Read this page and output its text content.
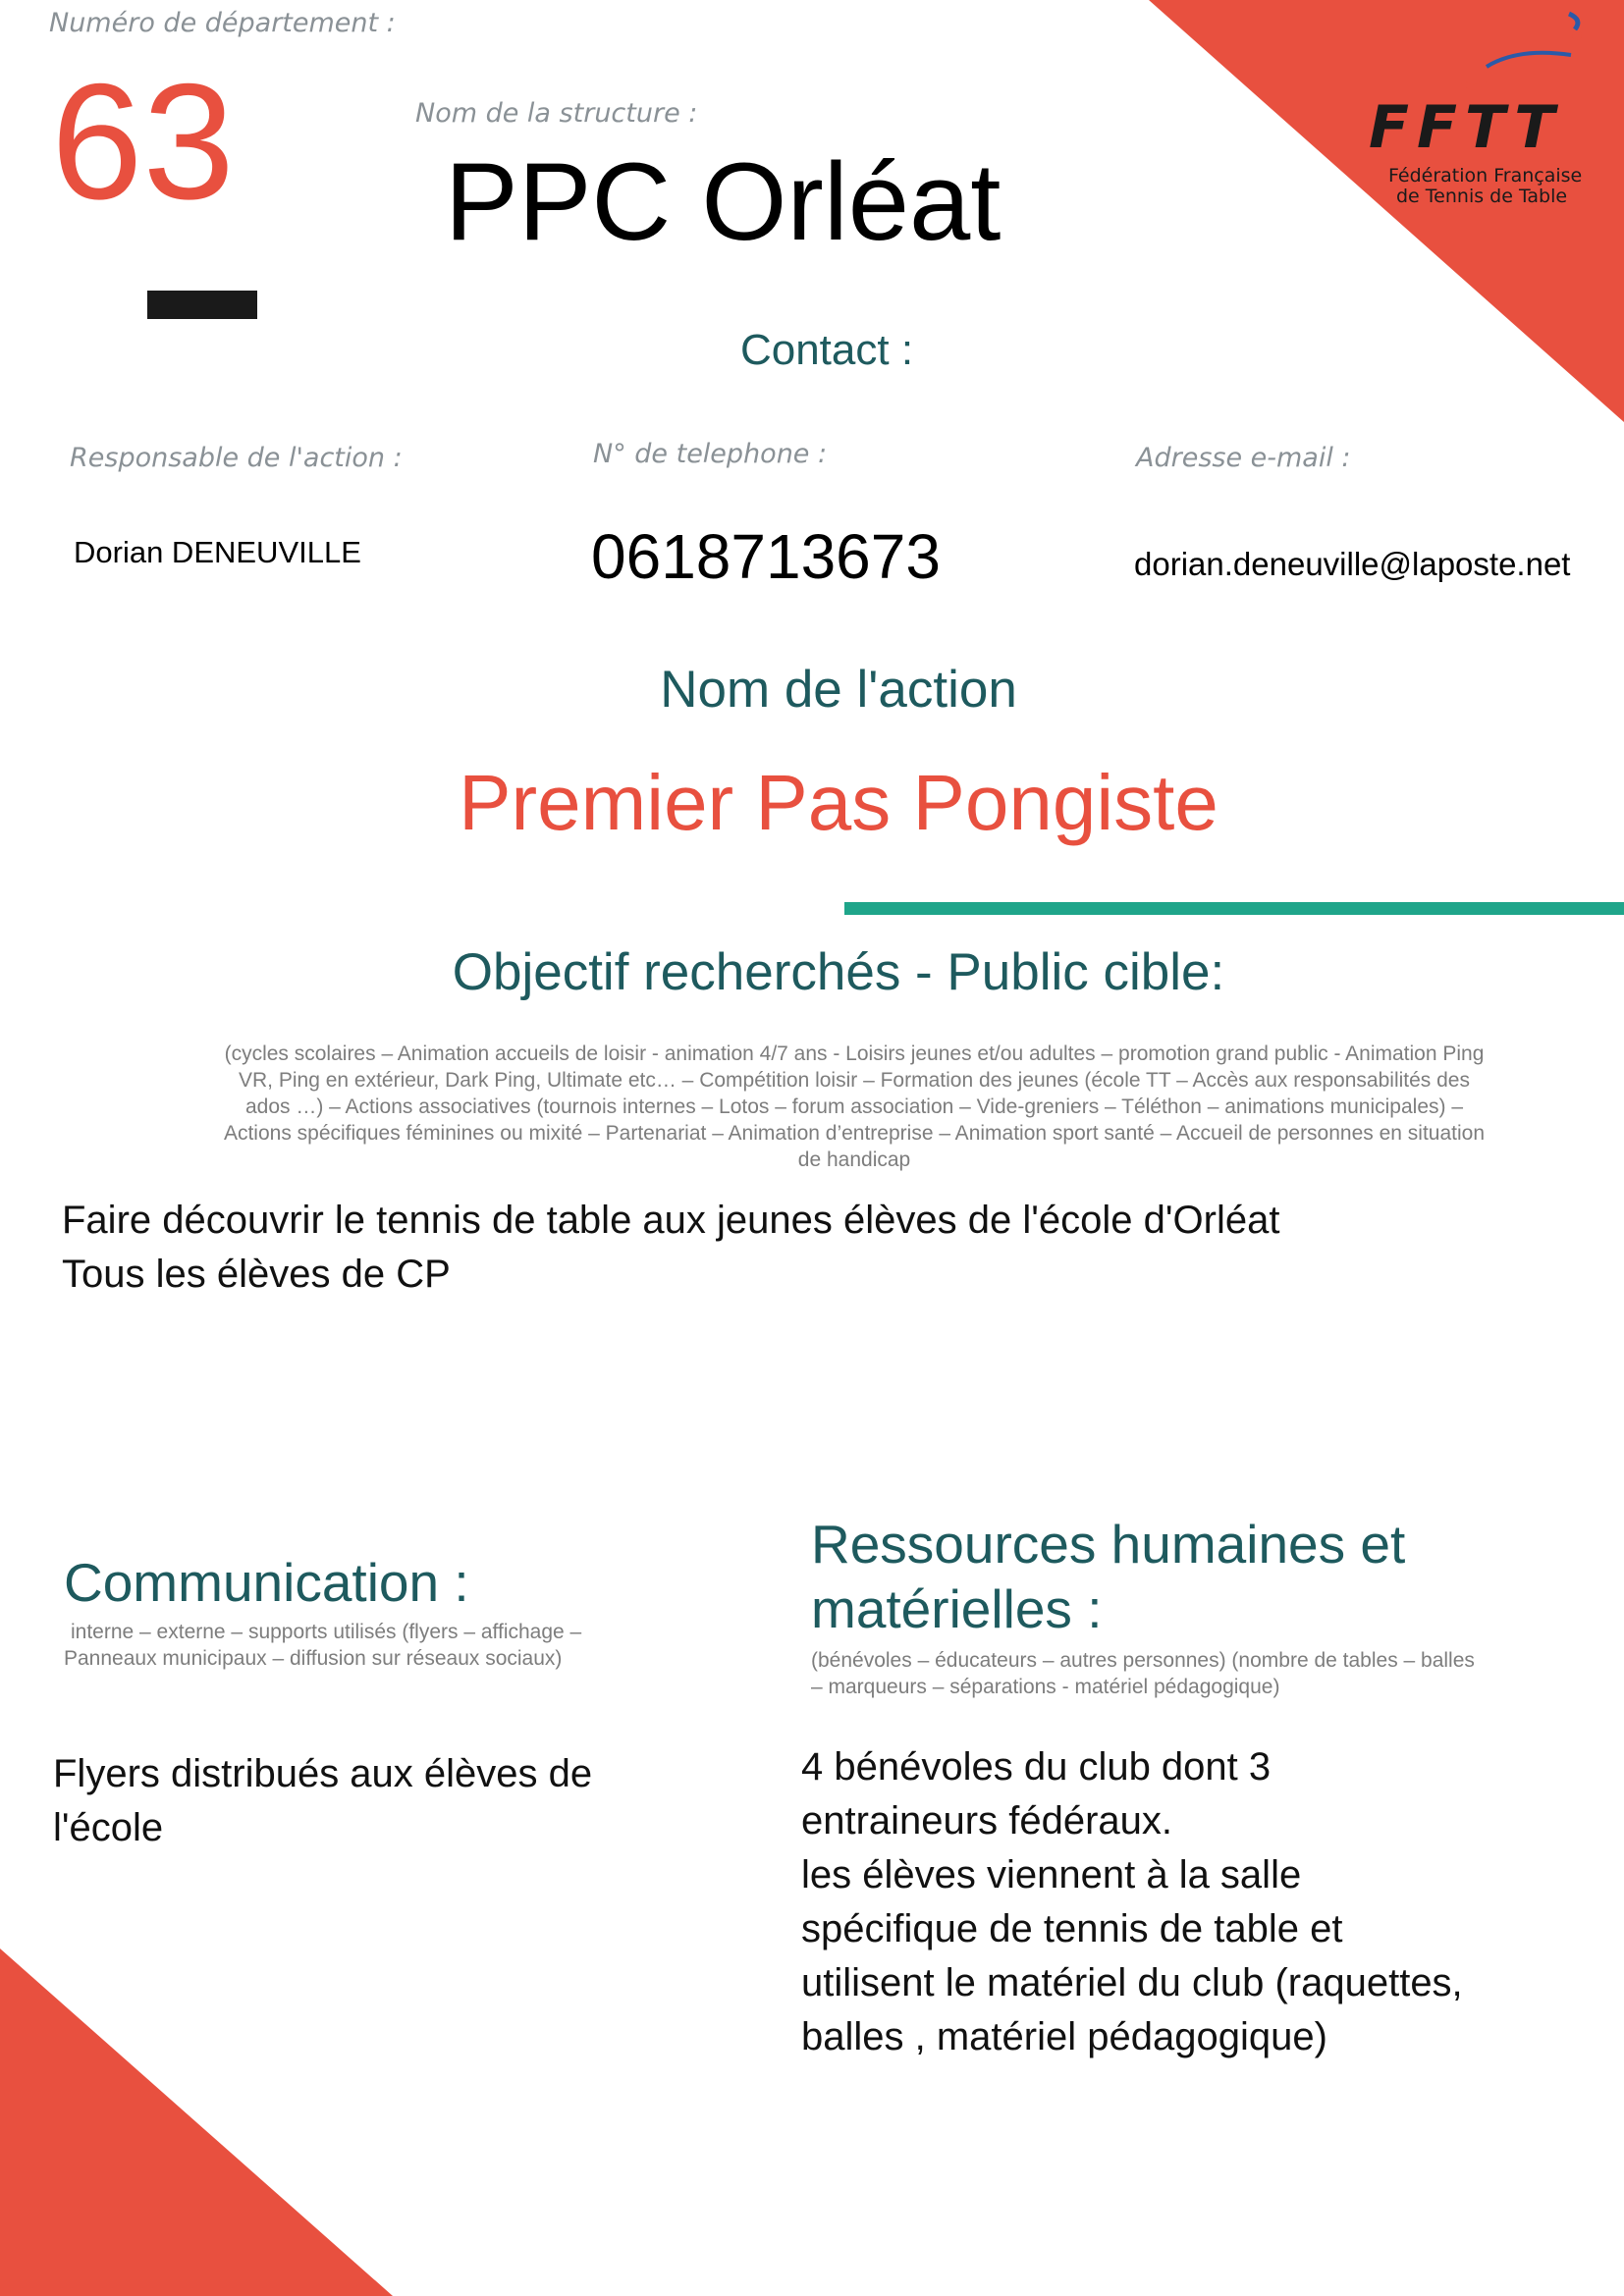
FFTT
Fédération Française
de Tennis de Table
Numéro de département :
63	Nom de la structure :
PPC Orléat
Contact :
Responsable de l'action :	N° de telephone :	Adresse e-mail :
Dorian DENEUVILLE	0618713673	dorian.deneuville@laposte.net
Nom de l'action
Premier Pas Pongiste
Objectif recherchés - Public cible:
(cycles scolaires – Animation accueils de loisir - animation 4/7 ans - Loisirs jeunes et/ou adultes – promotion grand public - Animation Ping
VR, Ping en extérieur, Dark Ping, Ultimate etc… – Compétition loisir – Formation des jeunes (école TT – Accès aux responsabilités des
ados …) – Actions associatives (tournois internes – Lotos – forum association – Vide-greniers – Téléthon – animations municipales) –
Actions spécifiques féminines ou mixité – Partenariat – Animation d’entreprise – Animation sport santé – Accueil de personnes en situation
de handicap
Faire découvrir le tennis de table aux jeunes élèves de l'école d'Orléat
Tous les élèves de CP
Communication :
interne – externe – supports utilisés (flyers – affichage –
Panneaux municipaux – diffusion sur réseaux sociaux)
Ressources humaines et
matérielles :
(bénévoles – éducateurs – autres personnes) (nombre de tables – balles
– marqueurs – séparations - matériel pédagogique)
Flyers distribués aux élèves de
l'école
4 bénévoles du club dont 3
entraineurs fédéraux.
les élèves viennent à la salle
spécifique de tennis de table et
utilisent le matériel du club (raquettes,
balles , matériel pédagogique)
